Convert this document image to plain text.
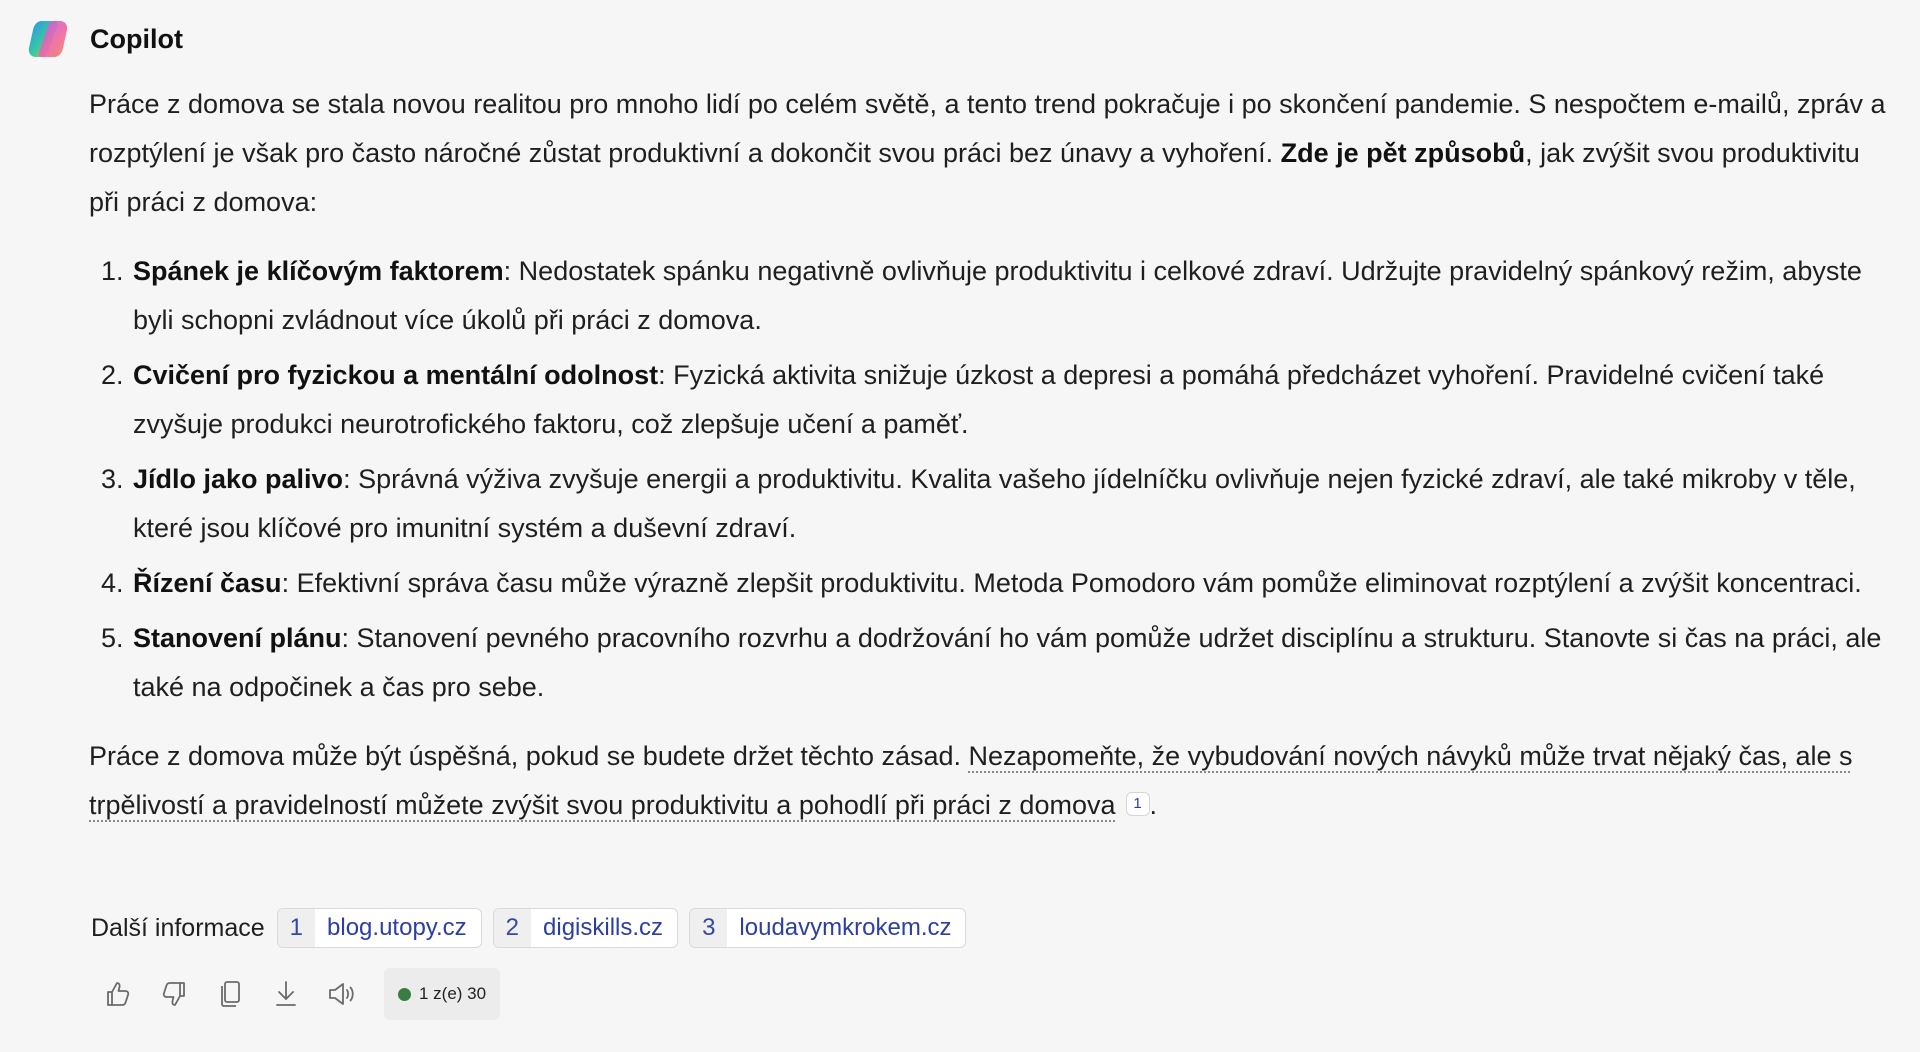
Copilot

Práce z domova se stala novou realitou pro mnoho lidí po celém světě, a tento trend pokračuje i po skončení pandemie. S nespočtem e-mailů, zpráv a rozptýlení je však pro často náročné zůstat produktivní a dokončit svou práci bez únavy a vyhoření. Zde je pět způsobů, jak zvýšit svou produktivitu při práci z domova:

1. Spánek je klíčovým faktorem: Nedostatek spánku negativně ovlivňuje produktivitu i celkové zdraví. Udržujte pravidelný spánkový režim, abyste byli schopni zvládnout více úkolů při práci z domova.
2. Cvičení pro fyzickou a mentální odolnost: Fyzická aktivita snižuje úzkost a depresi a pomáhá předcházet vyhoření. Pravidelné cvičení také zvyšuje produkci neurotrofického faktoru, což zlepšuje učení a paměť.
3. Jídlo jako palivo: Správná výživa zvyšuje energii a produktivitu. Kvalita vašeho jídelníčku ovlivňuje nejen fyzické zdraví, ale také mikroby v těle, které jsou klíčové pro imunitní systém a duševní zdraví.
4. Řízení času: Efektivní správa času může výrazně zlepšit produktivitu. Metoda Pomodoro vám pomůže eliminovat rozptýlení a zvýšit koncentraci.
5. Stanovení plánu: Stanovení pevného pracovního rozvrhu a dodržování ho vám pomůže udržet disciplínu a strukturu. Stanovte si čas na práci, ale také na odpočinek a čas pro sebe.

Práce z domova může být úspěšná, pokud se budete držet těchto zásad. Nezapomeňte, že vybudování nových návyků může trvat nějaký čas, ale s trpělivostí a pravidelností můžete zvýšit svou produktivitu a pohodlí při práci z domova 1 .

Další informace	1	blog.utopy.cz	2	digiskills.cz	3	loudavymkrokem.cz
1 z(e) 30
